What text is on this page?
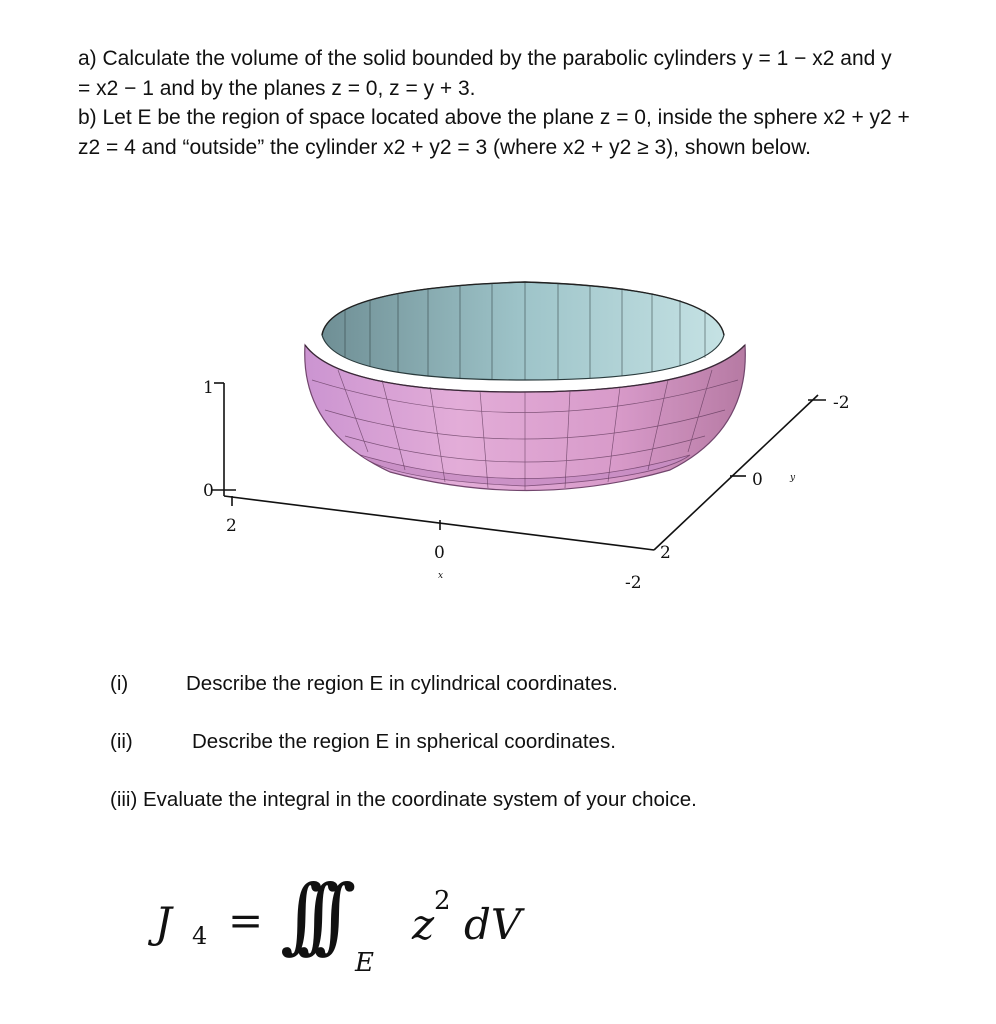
a) Calculate the volume of the solid bounded by the parabolic cylinders y = 1 − x2 and y

= x2 − 1 and by the planes z = 0, z = y + 3.

b) Let E be the region of space located above the plane z = 0, inside the sphere x2 + y2 +

z2 = 4 and “outside” the cylinder x2 + y2 = 3 (where x2 + y2 ≥ 3), shown below.

1
0
2
0
-2
x
-2
0
2
y
(i)	Describe the region E in cylindrical coordinates.
(ii)	Describe the region E in spherical coordinates.
(iii) Evaluate the integral in the coordinate system of your choice.
J 4 = ∫∫∫ E
z 2 dV
